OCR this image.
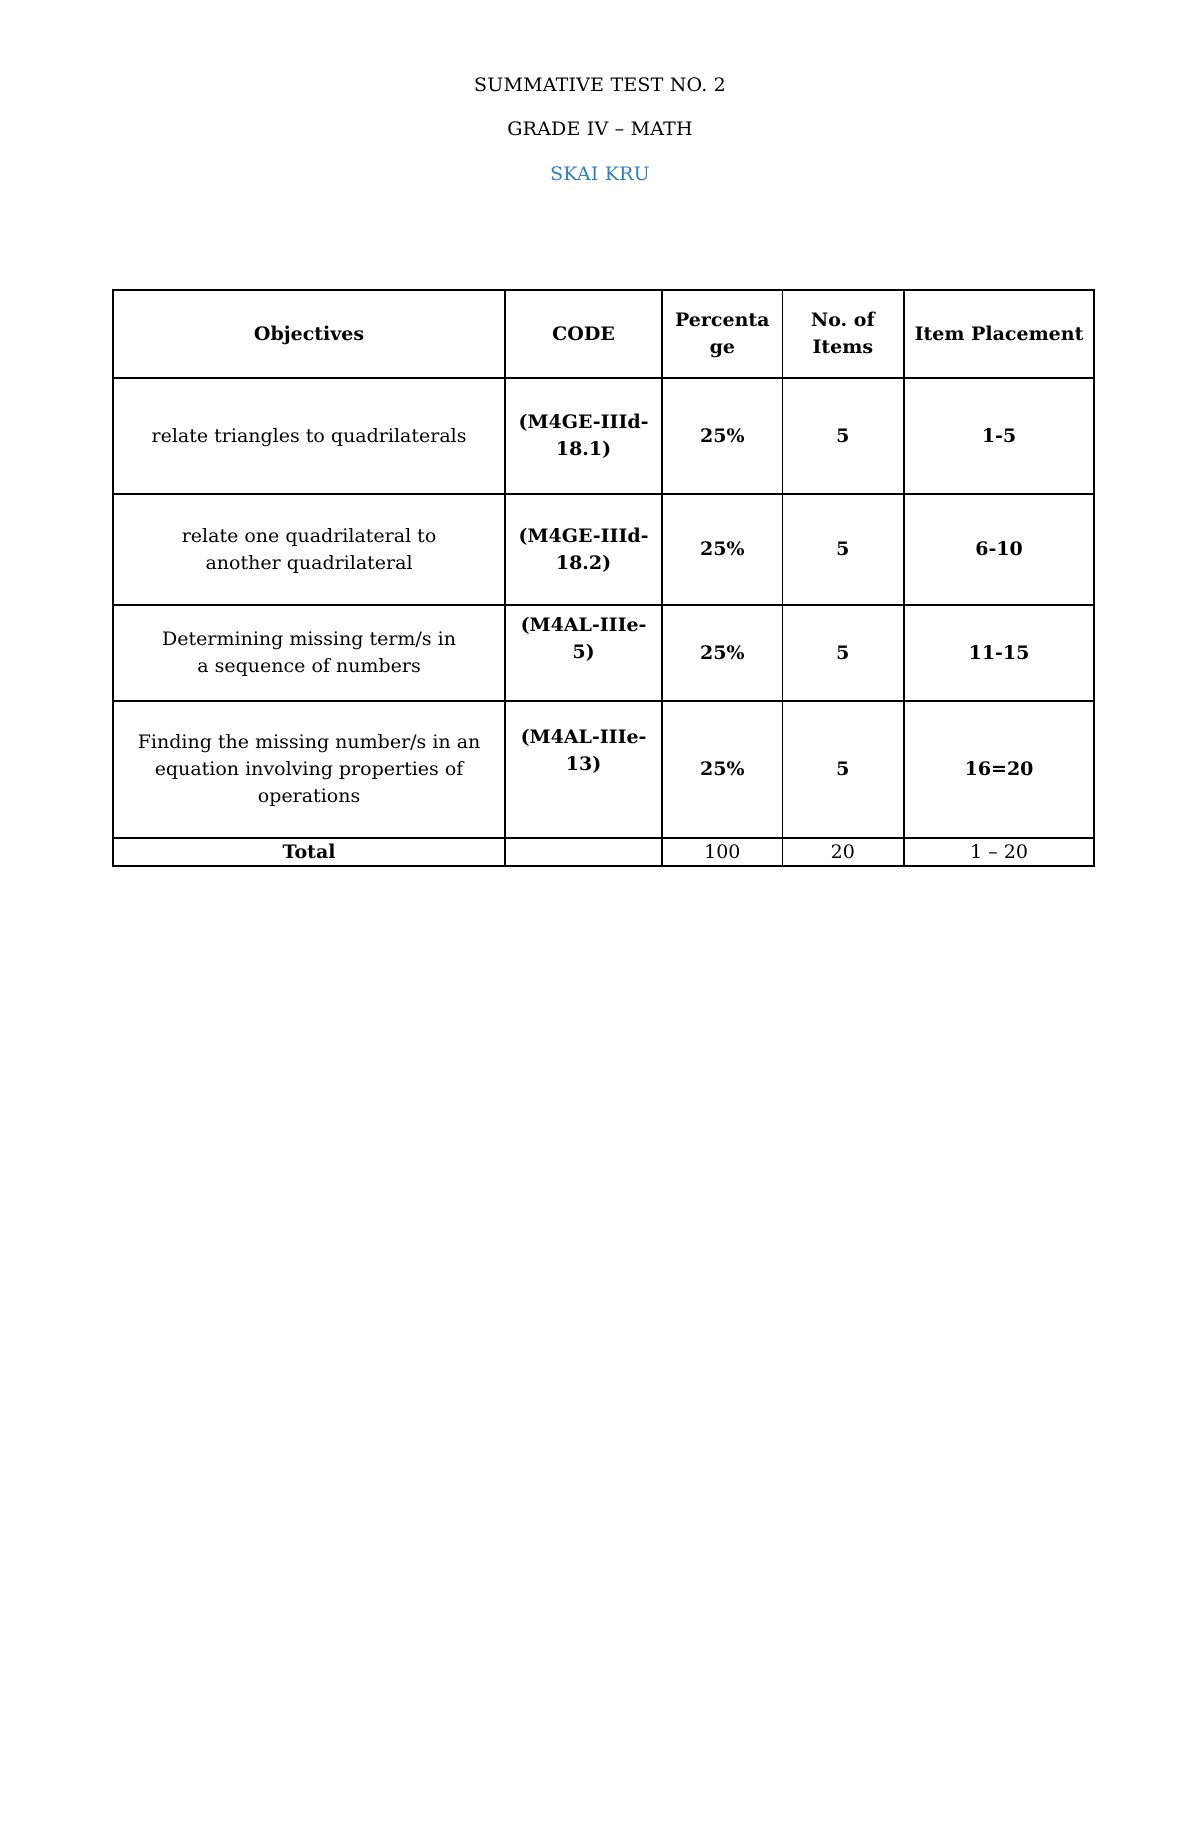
SUMMATIVE TEST NO. 2
GRADE IV – MATH
SKAI KRU
Objectives	CODE	Percentage	No. of Items	Item Placement
relate triangles to quadrilaterals	(M4GE-IIId-18.1)	25%	5	1-5
relate one quadrilateral to another quadrilateral	(M4GE-IIId-18.2)	25%	5	6-10
Determining missing term/s in a sequence of numbers	(M4AL-IIIe-5)	25%	5	11-15
Finding the missing number/s in an equation involving properties of operations	(M4AL-IIIe-13)	25%	5	16=20
Total		100	20	1 – 20
